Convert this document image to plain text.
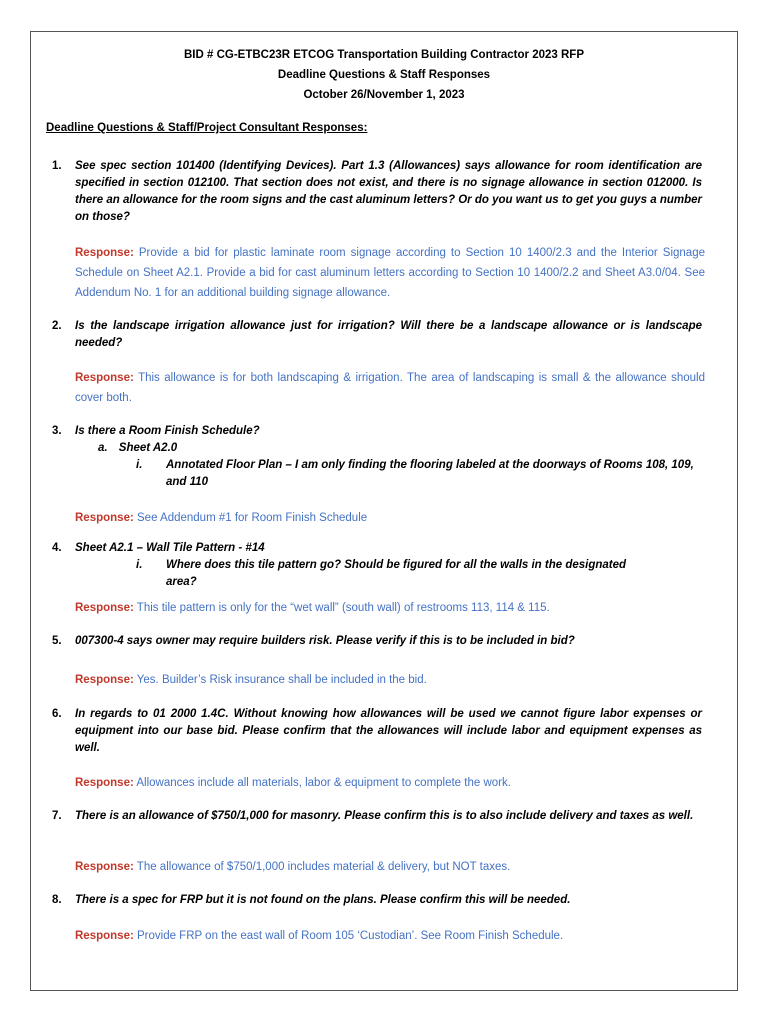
BID # CG-ETBC23R ETCOG Transportation Building Contractor 2023 RFP
Deadline Questions & Staff Responses
October 26/November 1, 2023
Deadline Questions & Staff/Project Consultant Responses:
1. See spec section 101400 (Identifying Devices). Part 1.3 (Allowances) says allowance for room identification are specified in section 012100. That section does not exist, and there is no signage allowance in section 012000. Is there an allowance for the room signs and the cast aluminum letters? Or do you want us to get you guys a number on those?
Response: Provide a bid for plastic laminate room signage according to Section 10 1400/2.3 and the Interior Signage Schedule on Sheet A2.1. Provide a bid for cast aluminum letters according to Section 10 1400/2.2 and Sheet A3.0/04. See Addendum No. 1 for an additional building signage allowance.
2. Is the landscape irrigation allowance just for irrigation? Will there be a landscape allowance or is landscape needed?
Response: This allowance is for both landscaping & irrigation. The area of landscaping is small & the allowance should cover both.
3. Is there a Room Finish Schedule?
a. Sheet A2.0
i. Annotated Floor Plan – I am only finding the flooring labeled at the doorways of Rooms 108, 109, and 110
Response: See Addendum #1 for Room Finish Schedule
4. Sheet A2.1 – Wall Tile Pattern - #14
i. Where does this tile pattern go? Should be figured for all the walls in the designated area?
Response: This tile pattern is only for the “wet wall” (south wall) of restrooms 113, 114 & 115.
5. 007300-4 says owner may require builders risk. Please verify if this is to be included in bid?
Response: Yes. Builder’s Risk insurance shall be included in the bid.
6. In regards to 01 2000 1.4C. Without knowing how allowances will be used we cannot figure labor expenses or equipment into our base bid. Please confirm that the allowances will include labor and equipment expenses as well.
Response: Allowances include all materials, labor & equipment to complete the work.
7. There is an allowance of $750/1,000 for masonry. Please confirm this is to also include delivery and taxes as well.
Response: The allowance of $750/1,000 includes material & delivery, but NOT taxes.
8. There is a spec for FRP but it is not found on the plans. Please confirm this will be needed.
Response: Provide FRP on the east wall of Room 105 ‘Custodian’. See Room Finish Schedule.
